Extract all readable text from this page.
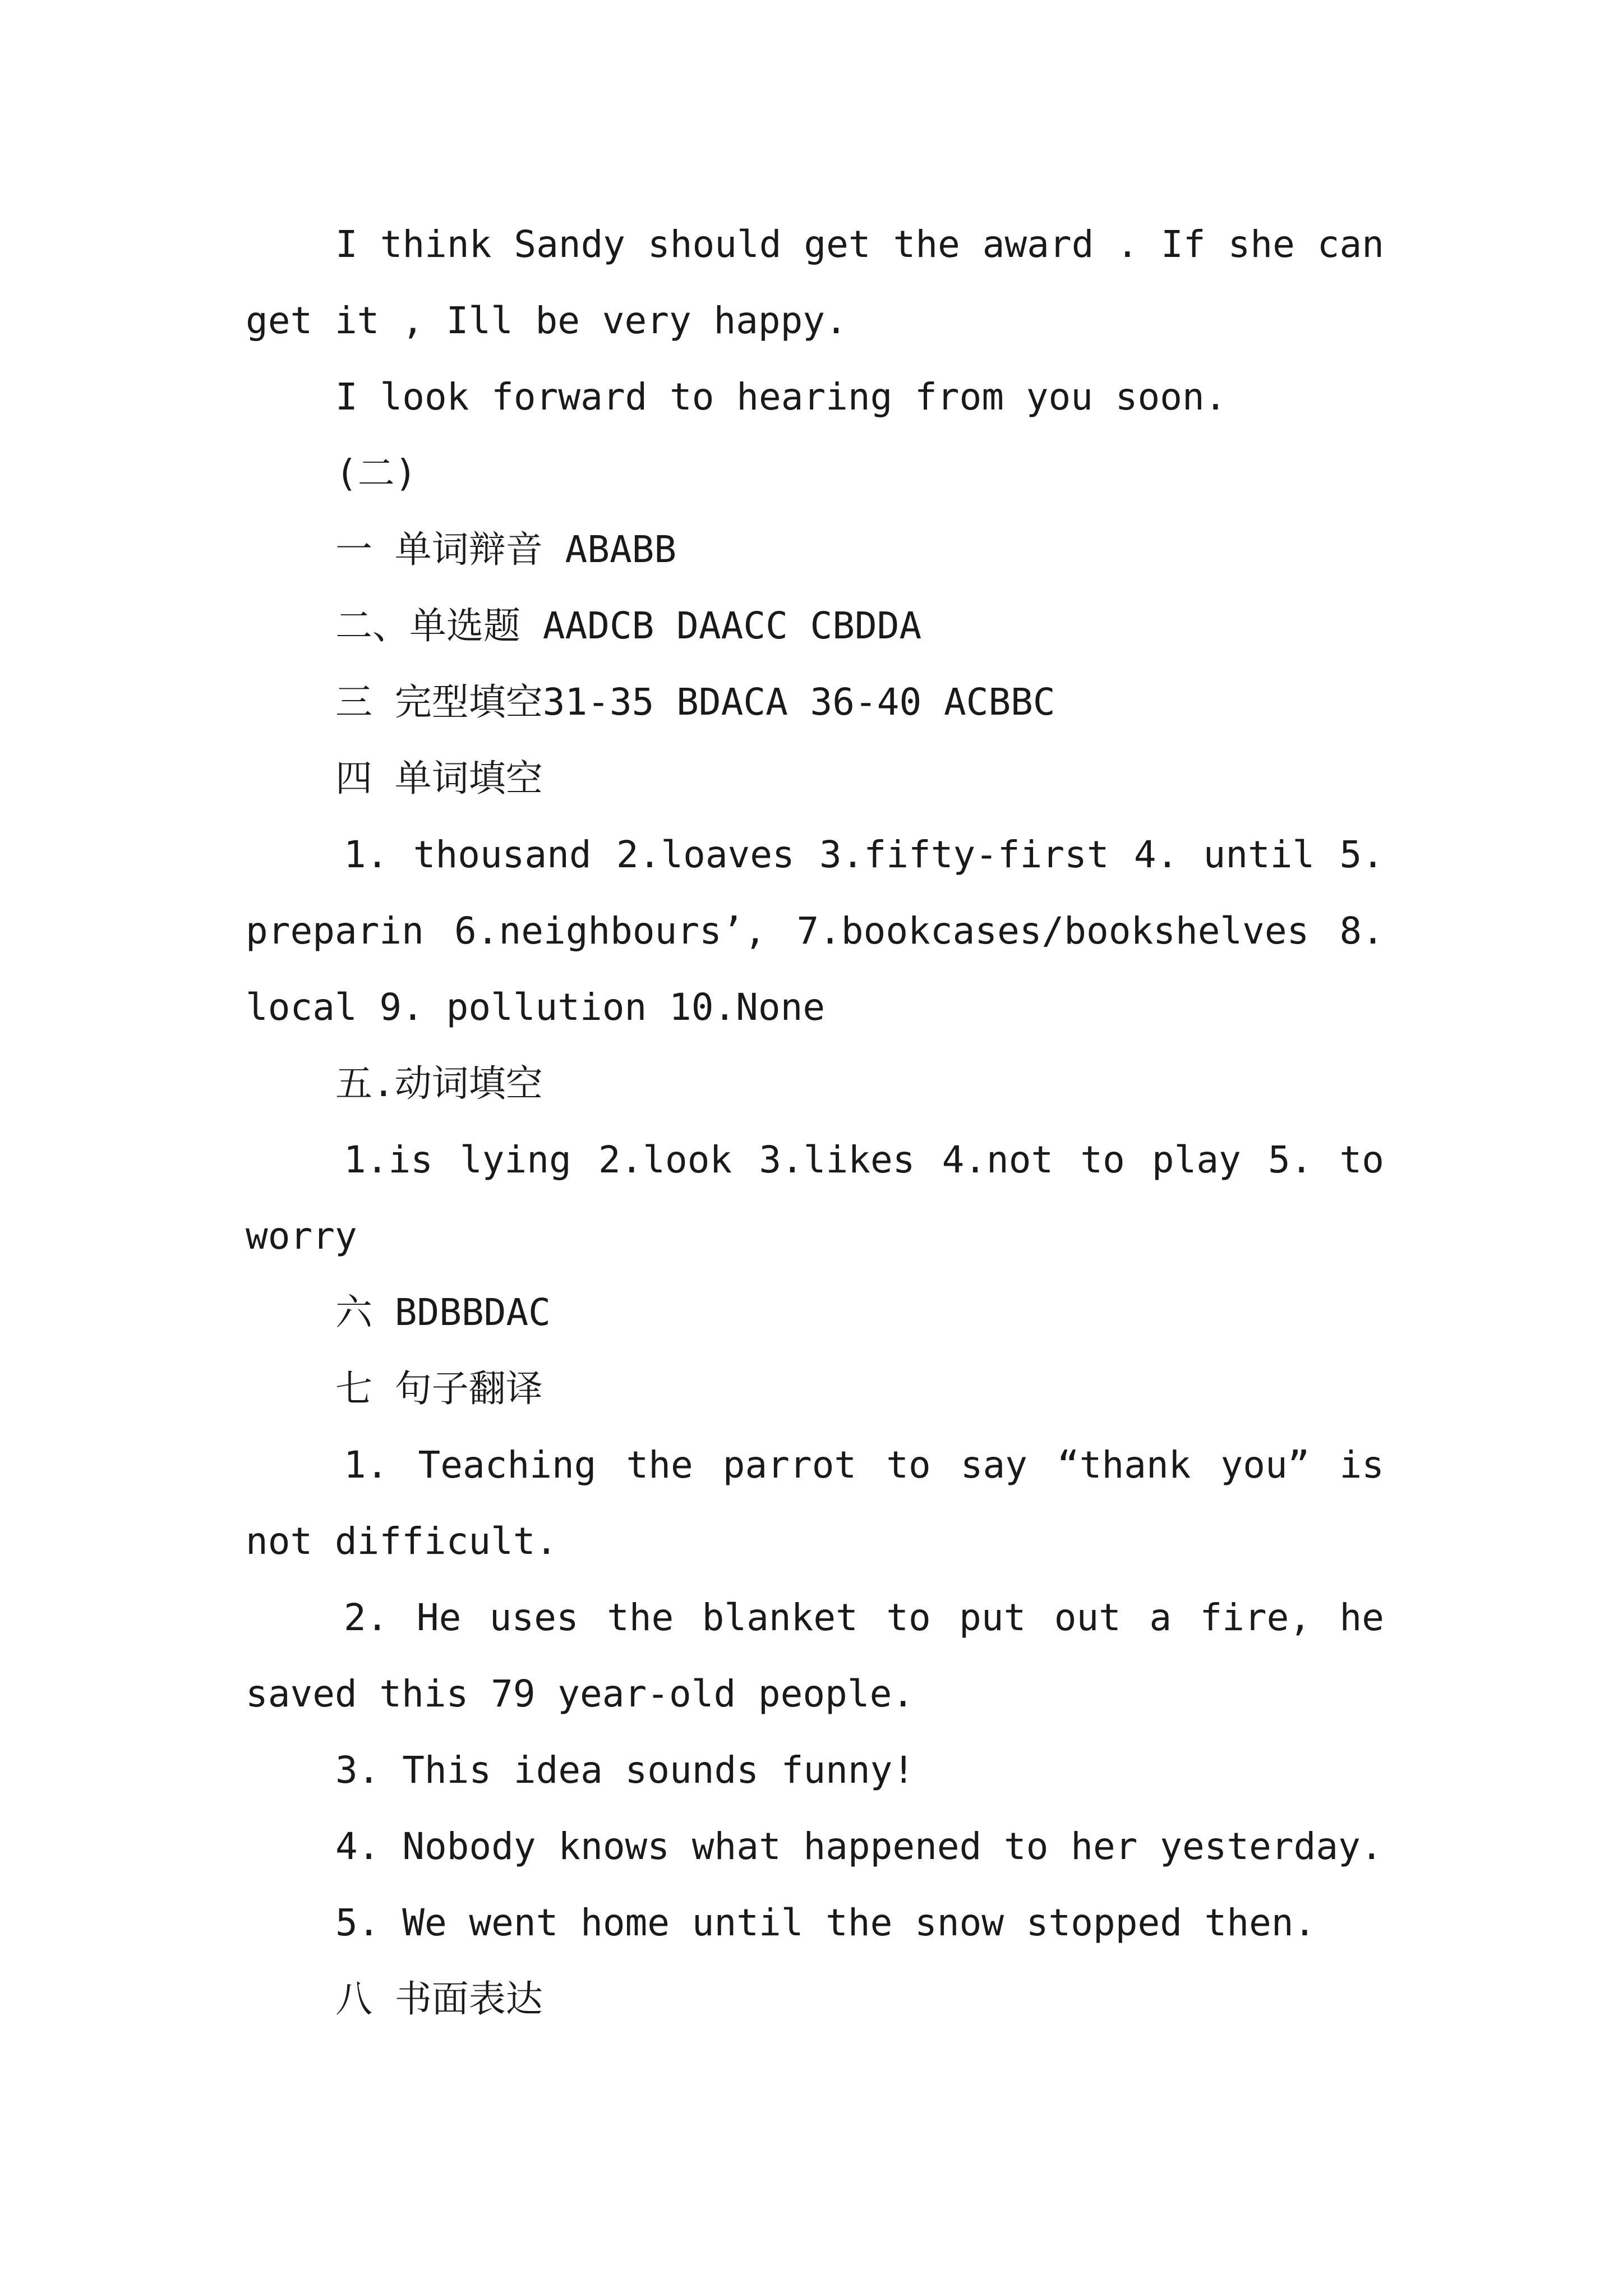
I think Sandy should get the award . If she can
get it , Ill be very happy.
I look forward to hearing from you soon.
(二)
一 单词辩音 ABABB
二、单选题 AADCB DAACC CBDDA
三 完型填空31-35 BDACA 36-40 ACBBC
四 单词填空
1. thousand 2.loaves 3.fifty-first 4. until 5.
preparin 6.neighbours’, 7.bookcases/bookshelves 8.
local 9. pollution 10.None
五.动词填空
1.is lying 2.look 3.likes 4.not to play 5. to
worry
六 BDBBDAC
七 句子翻译
1. Teaching the parrot to say “thank you” is
not difficult.
2. He uses the blanket to put out a fire, he
saved this 79 year-old people.
3. This idea sounds funny!
4. Nobody knows what happened to her yesterday.
5. We went home until the snow stopped then.
八 书面表达
